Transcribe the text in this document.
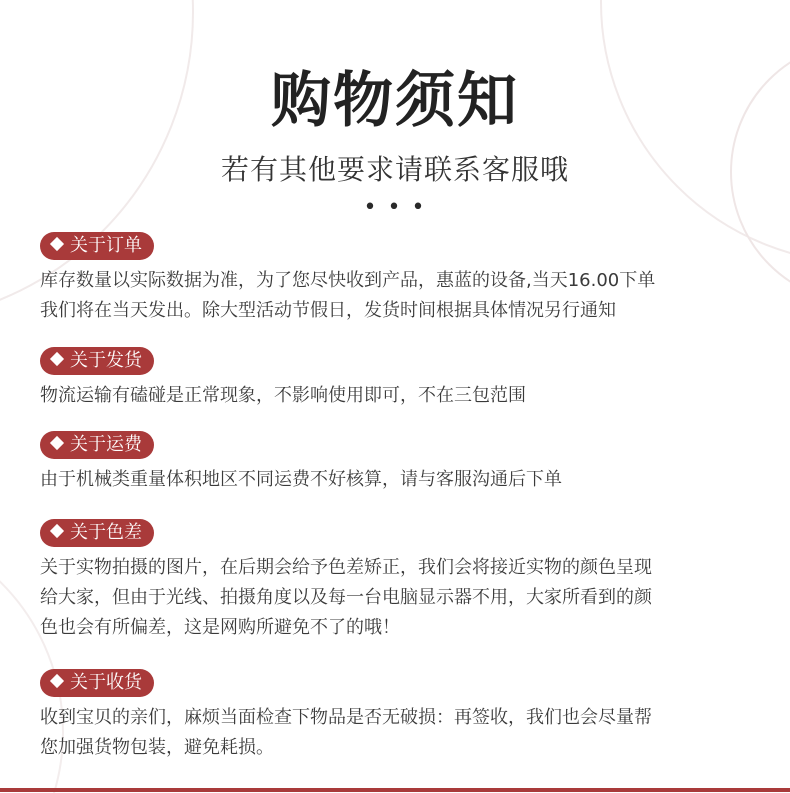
购物须知
若有其他要求请联系客服哦
• • •
关于订单
库存数量以实际数据为准，为了您尽快收到产品，惠蓝的设备,当天16.00下单
我们将在当天发出。除大型活动节假日，发货时间根据具体情况另行通知
关于发货
物流运输有磕碰是正常现象，不影响使用即可，不在三包范围
关于运费
由于机械类重量体积地区不同运费不好核算，请与客服沟通后下单
关于色差
关于实物拍摄的图片，在后期会给予色差矫正，我们会将接近实物的颜色呈现
给大家，但由于光线、拍摄角度以及每一台电脑显示器不用，大家所看到的颜
色也会有所偏差，这是网购所避免不了的哦！
关于收货
收到宝贝的亲们，麻烦当面检查下物品是否无破损：再签收，我们也会尽量帮
您加强货物包装，避免耗损。
